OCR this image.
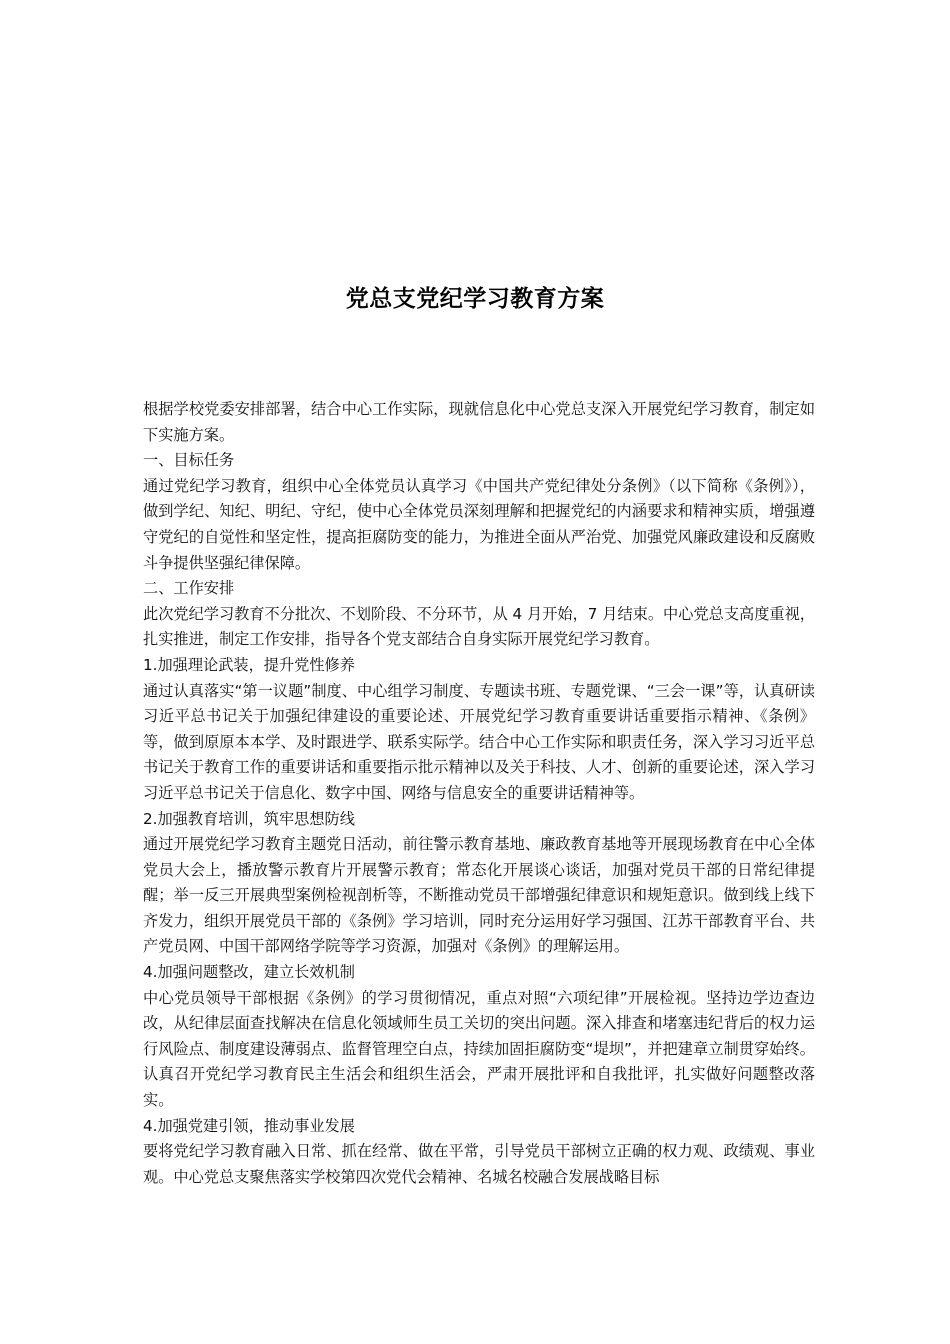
党总支党纪学习教育方案

根据学校党委安排部署，结合中心工作实际，现就信息化中心党总支深入开展党纪学习教育，制定如下实施方案。

一、目标任务

通过党纪学习教育，组织中心全体党员认真学习《中国共产党纪律处分条例》（以下简称《条例》），做到学纪、知纪、明纪、守纪，使中心全体党员深刻理解和把握党纪的内涵要求和精神实质，增强遵守党纪的自觉性和坚定性，提高拒腐防变的能力，为推进全面从严治党、加强党风廉政建设和反腐败斗争提供坚强纪律保障。

二、工作安排

此次党纪学习教育不分批次、不划阶段、不分环节，从 4 月开始，7 月结束。中心党总支高度重视，扎实推进，制定工作安排，指导各个党支部结合自身实际开展党纪学习教育。

1.加强理论武装，提升党性修养

通过认真落实“第一议题”制度、中心组学习制度、专题读书班、专题党课、“三会一课”等，认真研读习近平总书记关于加强纪律建设的重要论述、开展党纪学习教育重要讲话重要指示精神、《条例》等，做到原原本本学、及时跟进学、联系实际学。结合中心工作实际和职责任务，深入学习习近平总书记关于教育工作的重要讲话和重要指示批示精神以及关于科技、人才、创新的重要论述，深入学习习近平总书记关于信息化、数字中国、网络与信息安全的重要讲话精神等。

2.加强教育培训，筑牢思想防线

通过开展党纪学习教育主题党日活动，前往警示教育基地、廉政教育基地等开展现场教育在中心全体党员大会上，播放警示教育片开展警示教育；常态化开展谈心谈话，加强对党员干部的日常纪律提醒；举一反三开展典型案例检视剖析等，不断推动党员干部增强纪律意识和规矩意识。做到线上线下齐发力，组织开展党员干部的《条例》学习培训，同时充分运用好学习强国、江苏干部教育平台、共产党员网、中国干部网络学院等学习资源，加强对《条例》的理解运用。

4.加强问题整改，建立长效机制

中心党员领导干部根据《条例》的学习贯彻情况，重点对照“六项纪律”开展检视。坚持边学边查边改，从纪律层面查找解决在信息化领域师生员工关切的突出问题。深入排查和堵塞违纪背后的权力运行风险点、制度建设薄弱点、监督管理空白点，持续加固拒腐防变“堤坝”，并把建章立制贯穿始终。认真召开党纪学习教育民主生活会和组织生活会，严肃开展批评和自我批评，扎实做好问题整改落实。

4.加强党建引领，推动事业发展

要将党纪学习教育融入日常、抓在经常、做在平常，引导党员干部树立正确的权力观、政绩观、事业观。中心党总支聚焦落实学校第四次党代会精神、名城名校融合发展战略目标
